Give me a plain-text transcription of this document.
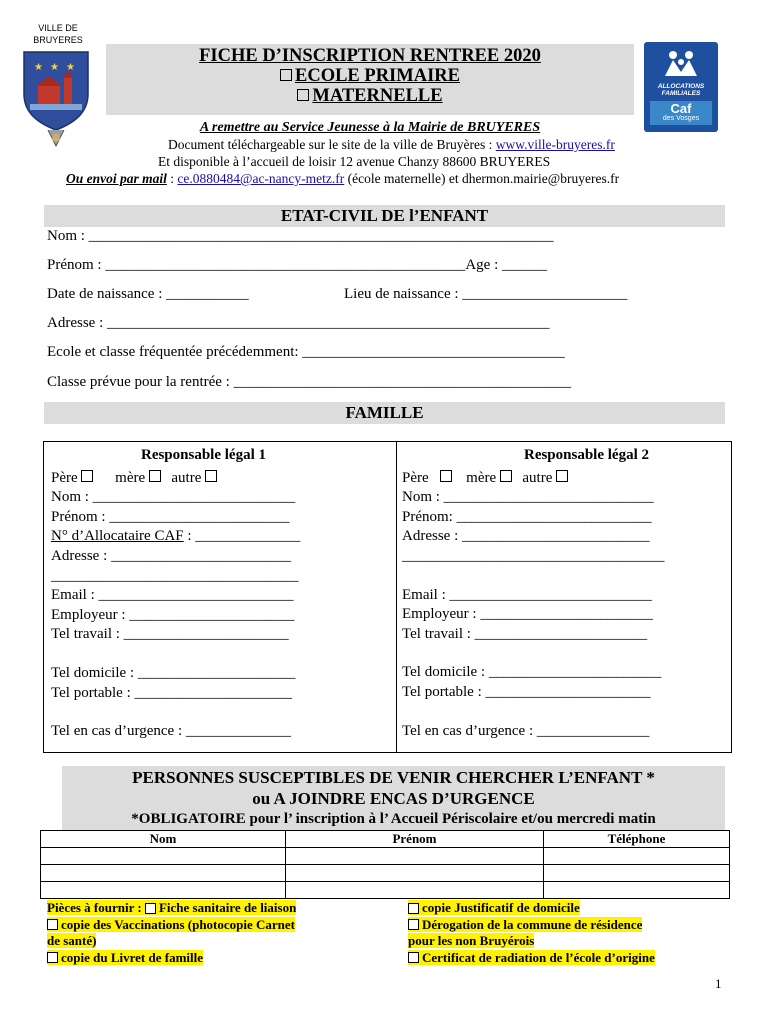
VILLE DE
BRUYERES
★ ★ ★
FICHE D’INSCRIPTION RENTREE 2020
ECOLE PRIMAIRE
MATERNELLE	ALLOCATIONS
FAMILIALES
Caf
des Vosges
A remettre au Service Jeunesse à la Mairie de BRUYERES
Document téléchargeable sur le site de la ville de Bruyères : www.ville-bruyeres.fr
Et disponible à l’accueil de loisir 12 avenue Chanzy 88600 BRUYERES
Ou envoi par mail : ce.0880484@ac-nancy-metz.fr (école maternelle) et dhermon.mairie@bruyeres.fr
ETAT-CIVIL DE l’ENFANT
Nom : ______________________________________________________________
Prénom : ________________________________________________Age : ______
Date de naissance : ___________	Lieu de naissance : ______________________
Adresse : ___________________________________________________________
Ecole et classe fréquentée précédemment: ___________________________________
Classe prévue pour la rentrée : _____________________________________________
FAMILLE
Responsable légal 1
Père	mère autre
Nom : ___________________________
Prénom : ________________________
N° d’Allocataire CAF : ______________
Adresse : ________________________
_________________________________
Email : __________________________
Employeur : ______________________
Tel travail : ______________________
Tel domicile : _____________________
Tel portable : _____________________
Tel en cas d’urgence : ______________

Responsable légal 2
Père	mère autre
Nom : ____________________________
Prénom: __________________________
Adresse : _________________________
___________________________________
Email : ___________________________
Employeur : _______________________
Tel travail : _______________________
Tel domicile : _______________________
Tel portable : ______________________
Tel en cas d’urgence : _______________
PERSONNES SUSCEPTIBLES DE VENIR CHERCHER L’ENFANT *
ou A JOINDRE ENCAS D’URGENCE
*OBLIGATOIRE pour l’ inscription à l’ Accueil Périscolaire et/ou mercredi matin
Nom	Prénom	Téléphone

Pièces à fournir : Fiche sanitaire de liaison
copie des Vaccinations (photocopie Carnet
de santé)
copie du Livret de famille
copie Justificatif de domicile
Dérogation de la commune de résidence
pour les non Bruyérois
Certificat de radiation de l’école d’origine
1
